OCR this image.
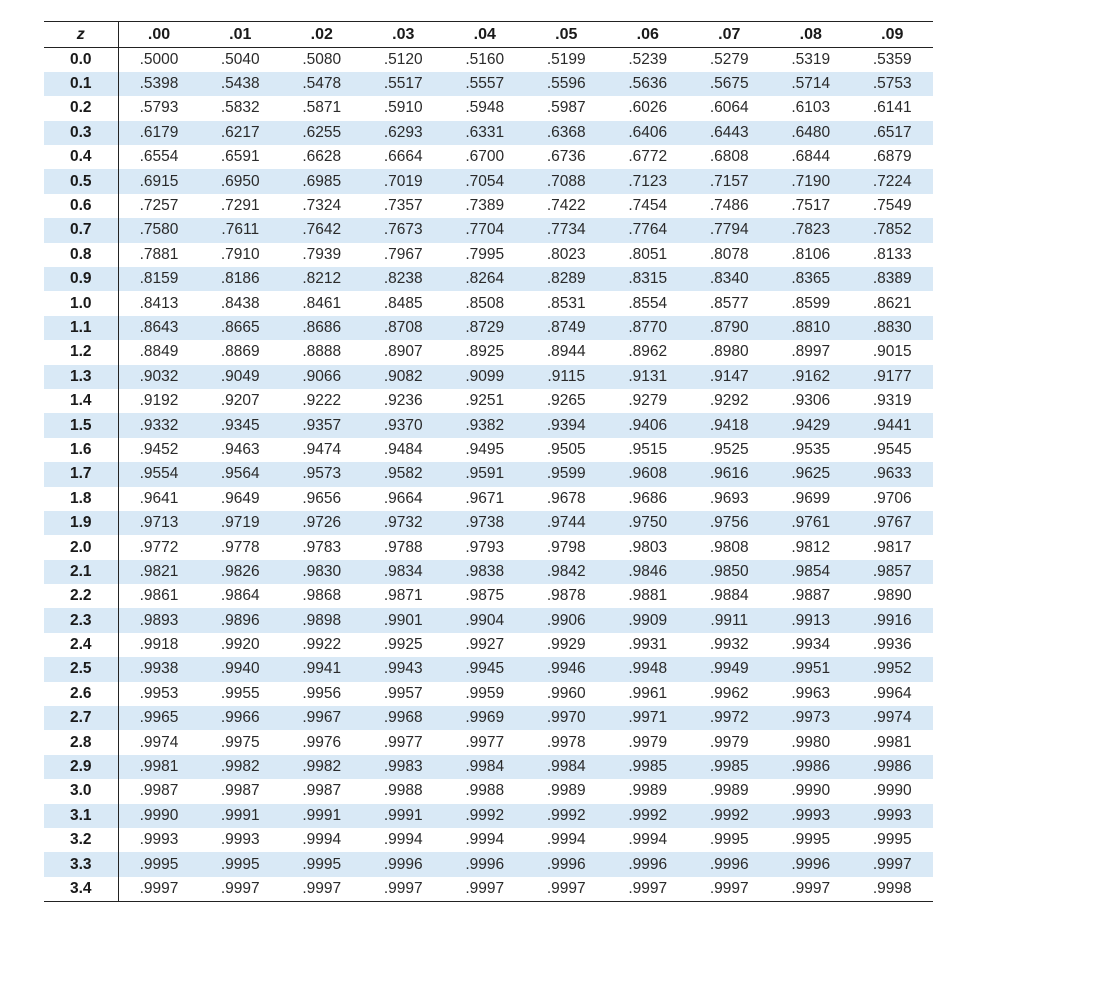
z	.00	.01	.02	.03	.04	.05	.06	.07	.08	.09
0.0	.5000	.5040	.5080	.5120	.5160	.5199	.5239	.5279	.5319	.5359
0.1	.5398	.5438	.5478	.5517	.5557	.5596	.5636	.5675	.5714	.5753
0.2	.5793	.5832	.5871	.5910	.5948	.5987	.6026	.6064	.6103	.6141
0.3	.6179	.6217	.6255	.6293	.6331	.6368	.6406	.6443	.6480	.6517
0.4	.6554	.6591	.6628	.6664	.6700	.6736	.6772	.6808	.6844	.6879
0.5	.6915	.6950	.6985	.7019	.7054	.7088	.7123	.7157	.7190	.7224
0.6	.7257	.7291	.7324	.7357	.7389	.7422	.7454	.7486	.7517	.7549
0.7	.7580	.7611	.7642	.7673	.7704	.7734	.7764	.7794	.7823	.7852
0.8	.7881	.7910	.7939	.7967	.7995	.8023	.8051	.8078	.8106	.8133
0.9	.8159	.8186	.8212	.8238	.8264	.8289	.8315	.8340	.8365	.8389
1.0	.8413	.8438	.8461	.8485	.8508	.8531	.8554	.8577	.8599	.8621
1.1	.8643	.8665	.8686	.8708	.8729	.8749	.8770	.8790	.8810	.8830
1.2	.8849	.8869	.8888	.8907	.8925	.8944	.8962	.8980	.8997	.9015
1.3	.9032	.9049	.9066	.9082	.9099	.9115	.9131	.9147	.9162	.9177
1.4	.9192	.9207	.9222	.9236	.9251	.9265	.9279	.9292	.9306	.9319
1.5	.9332	.9345	.9357	.9370	.9382	.9394	.9406	.9418	.9429	.9441
1.6	.9452	.9463	.9474	.9484	.9495	.9505	.9515	.9525	.9535	.9545
1.7	.9554	.9564	.9573	.9582	.9591	.9599	.9608	.9616	.9625	.9633
1.8	.9641	.9649	.9656	.9664	.9671	.9678	.9686	.9693	.9699	.9706
1.9	.9713	.9719	.9726	.9732	.9738	.9744	.9750	.9756	.9761	.9767
2.0	.9772	.9778	.9783	.9788	.9793	.9798	.9803	.9808	.9812	.9817
2.1	.9821	.9826	.9830	.9834	.9838	.9842	.9846	.9850	.9854	.9857
2.2	.9861	.9864	.9868	.9871	.9875	.9878	.9881	.9884	.9887	.9890
2.3	.9893	.9896	.9898	.9901	.9904	.9906	.9909	.9911	.9913	.9916
2.4	.9918	.9920	.9922	.9925	.9927	.9929	.9931	.9932	.9934	.9936
2.5	.9938	.9940	.9941	.9943	.9945	.9946	.9948	.9949	.9951	.9952
2.6	.9953	.9955	.9956	.9957	.9959	.9960	.9961	.9962	.9963	.9964
2.7	.9965	.9966	.9967	.9968	.9969	.9970	.9971	.9972	.9973	.9974
2.8	.9974	.9975	.9976	.9977	.9977	.9978	.9979	.9979	.9980	.9981
2.9	.9981	.9982	.9982	.9983	.9984	.9984	.9985	.9985	.9986	.9986
3.0	.9987	.9987	.9987	.9988	.9988	.9989	.9989	.9989	.9990	.9990
3.1	.9990	.9991	.9991	.9991	.9992	.9992	.9992	.9992	.9993	.9993
3.2	.9993	.9993	.9994	.9994	.9994	.9994	.9994	.9995	.9995	.9995
3.3	.9995	.9995	.9995	.9996	.9996	.9996	.9996	.9996	.9996	.9997
3.4	.9997	.9997	.9997	.9997	.9997	.9997	.9997	.9997	.9997	.9998
